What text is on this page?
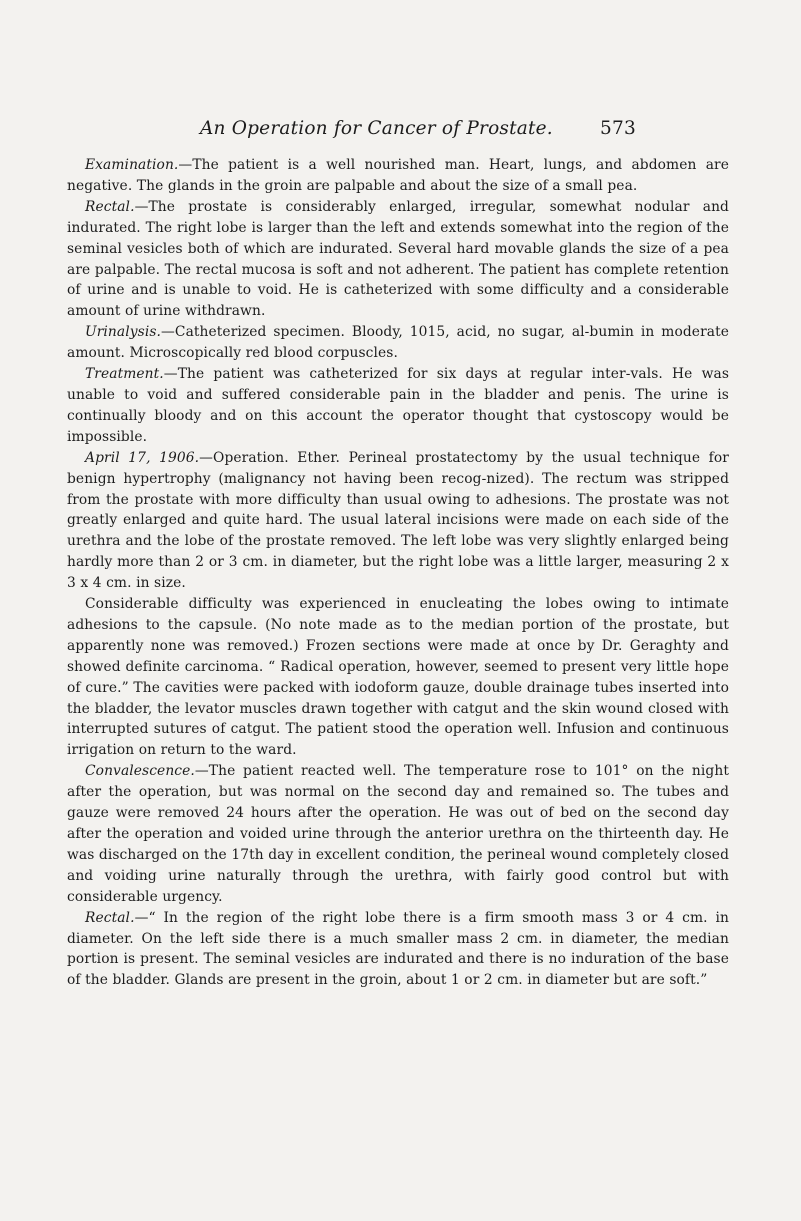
An Operation for Cancer of Prostate.	573

Examination.—The patient is a well nourished man. Heart, lungs, and abdomen are negative. The glands in the groin are palpable and about the size of a small pea.

Rectal.—The prostate is considerably enlarged, irregular, somewhat nodular and indurated. The right lobe is larger than the left and extends somewhat into the region of the seminal vesicles both of which are indurated. Several hard movable glands the size of a pea are palpable. The rectal mucosa is soft and not adherent. The patient has complete retention of urine and is unable to void. He is catheterized with some difficulty and a considerable amount of urine withdrawn.

Urinalysis.—Catheterized specimen. Bloody, 1015, acid, no sugar, al-bumin in moderate amount. Microscopically red blood corpuscles.

Treatment.—The patient was catheterized for six days at regular inter-vals. He was unable to void and suffered considerable pain in the bladder and penis. The urine is continually bloody and on this account the operator thought that cystoscopy would be impossible.

April 17, 1906.—Operation. Ether. Perineal prostatectomy by the usual technique for benign hypertrophy (malignancy not having been recog-nized). The rectum was stripped from the prostate with more difficulty than usual owing to adhesions. The prostate was not greatly enlarged and quite hard. The usual lateral incisions were made on each side of the urethra and the lobe of the prostate removed. The left lobe was very slightly enlarged being hardly more than 2 or 3 cm. in diameter, but the right lobe was a little larger, measuring 2 x 3 x 4 cm. in size.

Considerable difficulty was experienced in enucleating the lobes owing to intimate adhesions to the capsule. (No note made as to the median portion of the prostate, but apparently none was removed.) Frozen sections were made at once by Dr. Geraghty and showed definite carcinoma. “ Radical operation, however, seemed to present very little hope of cure.” The cavities were packed with iodoform gauze, double drainage tubes inserted into the bladder, the levator muscles drawn together with catgut and the skin wound closed with interrupted sutures of catgut. The patient stood the operation well. Infusion and continuous irrigation on return to the ward.

Convalescence.—The patient reacted well. The temperature rose to 101° on the night after the operation, but was normal on the second day and remained so. The tubes and gauze were removed 24 hours after the operation. He was out of bed on the second day after the operation and voided urine through the anterior urethra on the thirteenth day. He was discharged on the 17th day in excellent condition, the perineal wound completely closed and voiding urine naturally through the urethra, with fairly good control but with considerable urgency.

Rectal.—“ In the region of the right lobe there is a firm smooth mass 3 or 4 cm. in diameter. On the left side there is a much smaller mass 2 cm. in diameter, the median portion is present. The seminal vesicles are indurated and there is no induration of the base of the bladder. Glands are present in the groin, about 1 or 2 cm. in diameter but are soft.”
